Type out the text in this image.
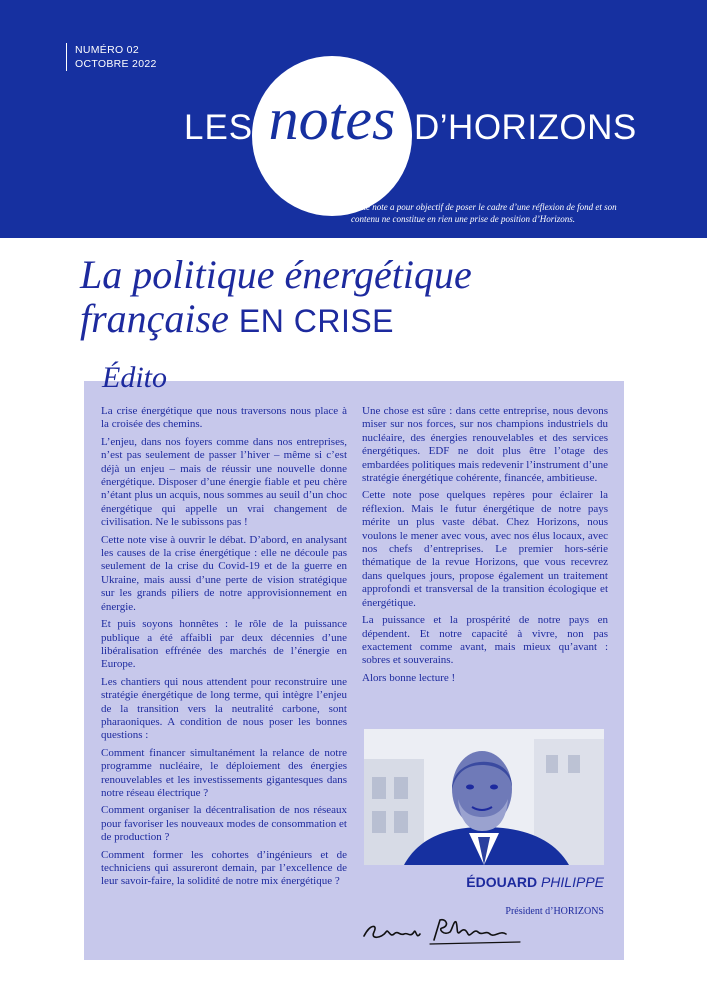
NUMÉRO 02
OCTOBRE 2022
LES notes D’HORIZONS
Cette note a pour objectif de poser le cadre d’une réflexion de fond et son contenu ne constitue en rien une prise de position d’Horizons.
La politique énergétique
française EN CRISE
Édito

La crise énergétique que nous traversons nous place à la croisée des chemins.

L’enjeu, dans nos foyers comme dans nos entreprises, n’est pas seulement de passer l’hiver – même si c’est déjà un enjeu – mais de réussir une nouvelle donne énergétique. Disposer d’une énergie fiable et peu chère n’étant plus un acquis, nous sommes au seuil d’un choc énergétique qui appelle un vrai changement de civilisation. Ne le subissons pas !

Cette note vise à ouvrir le débat. D’abord, en analysant les causes de la crise énergétique : elle ne découle pas seulement de la crise du Covid-19 et de la guerre en Ukraine, mais aussi d’une perte de vision stratégique sur les grands piliers de notre approvisionnement en énergie.

Et puis soyons honnêtes : le rôle de la puissance publique a été affaibli par deux décennies d’une libéralisation effrénée des marchés de l’énergie en Europe.

Les chantiers qui nous attendent pour reconstruire une stratégie énergétique de long terme, qui intègre l’enjeu de la transition vers la neutralité carbone, sont pharaoniques. A condition de nous poser les bonnes questions :

Comment financer simultanément la relance de notre programme nucléaire, le déploiement des énergies renouvelables et les investissements gigantesques dans notre réseau électrique ?

Comment organiser la décentralisation de nos réseaux pour favoriser les nouveaux modes de consommation et de production ?

Comment former les cohortes d’ingénieurs et de techniciens qui assureront demain, par l’excellence de leur savoir-faire, la solidité de notre mix énergétique ?

Une chose est sûre : dans cette entreprise, nous devons miser sur nos forces, sur nos champions industriels du nucléaire, des énergies renouvelables et des services énergétiques. EDF ne doit plus être l’otage des embardées politiques mais redevenir l’instrument d’une stratégie énergétique cohérente, financée, ambitieuse.

Cette note pose quelques repères pour éclairer la réflexion. Mais le futur énergétique de notre pays mérite un plus vaste débat. Chez Horizons, nous voulons le mener avec vous, avec nos élus locaux, avec nos chefs d’entreprises. Le premier hors-série thématique de la revue Horizons, que vous recevrez dans quelques jours, propose également un traitement approfondi et transversal de la transition écologique et énergétique.

La puissance et la prospérité de notre pays en dépendent. Et notre capacité à vivre, non pas exactement comme avant, mais mieux qu’avant : sobres et souverains.

Alors bonne lecture !

ÉDOUARD PHILIPPE
Président d’HORIZONS
